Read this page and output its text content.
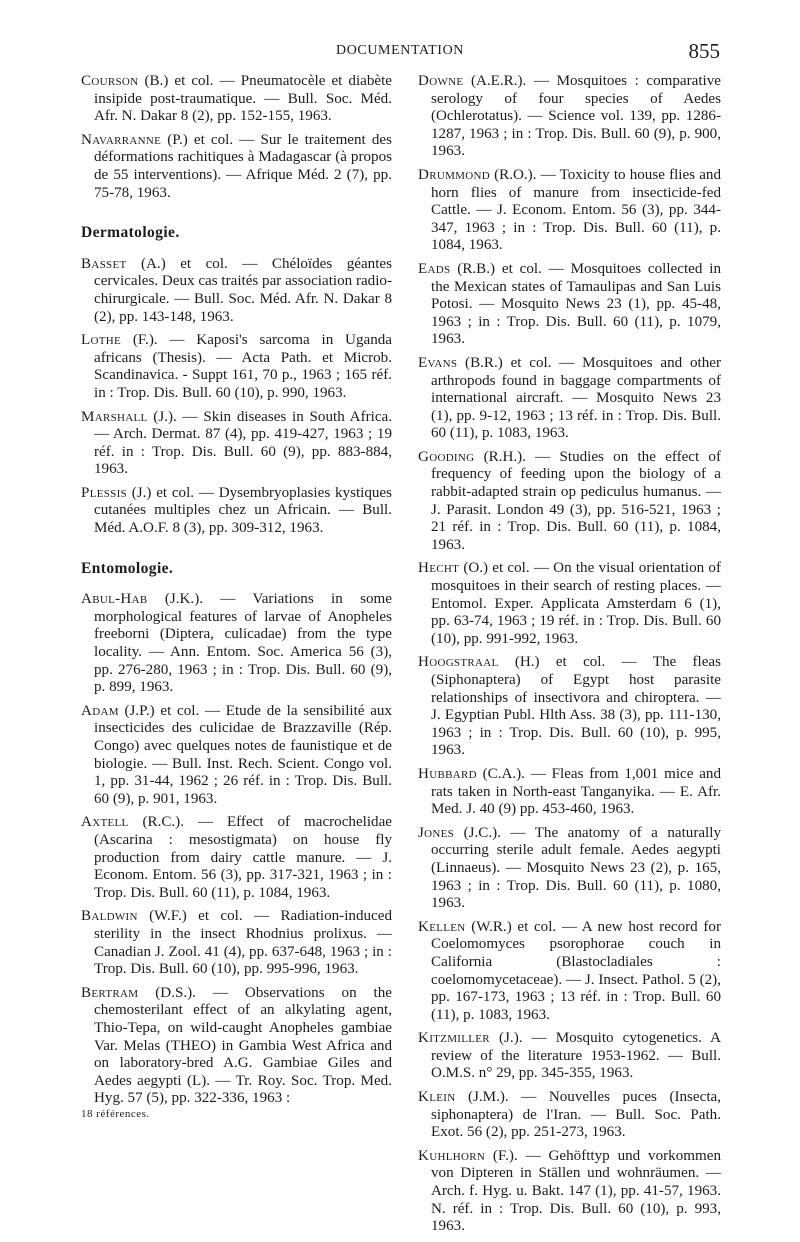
DOCUMENTATION	855
Courson (B.) et col. — Pneumatocèle et diabète insipide post-traumatique. — Bull. Soc. Méd. Afr. N. Dakar 8 (2), pp. 152-155, 1963.
Navarranne (P.) et col. — Sur le traitement des déformations rachitiques à Madagascar (à propos de 55 interventions). — Afrique Méd. 2 (7), pp. 75-78, 1963.
Dermatologie.
Basset (A.) et col. — Chéloïdes géantes cervicales. Deux cas traités par association radio-chirurgicale. — Bull. Soc. Méd. Afr. N. Dakar 8 (2), pp. 143-148, 1963.
Lothe (F.). — Kaposi's sarcoma in Uganda africans (Thesis). — Acta Path. et Microb. Scandinavica. - Suppt 161, 70 p., 1963 ; 165 réf. in : Trop. Dis. Bull. 60 (10), p. 990, 1963.
Marshall (J.). — Skin diseases in South Africa. — Arch. Dermat. 87 (4), pp. 419-427, 1963 ; 19 réf. in : Trop. Dis. Bull. 60 (9), pp. 883-884, 1963.
Plessis (J.) et col. — Dysembryoplasies kystiques cutanées multiples chez un Africain. — Bull. Méd. A.O.F. 8 (3), pp. 309-312, 1963.
Entomologie.
Abul-Hab (J.K.). — Variations in some morphological features of larvae of Anopheles freeborni (Diptera, culicadae) from the type locality. — Ann. Entom. Soc. America 56 (3), pp. 276-280, 1963 ; in : Trop. Dis. Bull. 60 (9), p. 899, 1963.
Adam (J.P.) et col. — Etude de la sensibilité aux insecticides des culicidae de Brazzaville (Rép. Congo) avec quelques notes de faunistique et de biologie. — Bull. Inst. Rech. Scient. Congo vol. 1, pp. 31-44, 1962 ; 26 réf. in : Trop. Dis. Bull. 60 (9), p. 901, 1963.
Axtell (R.C.). — Effect of macrochelidae (Ascarina : mesostigmata) on house fly production from dairy cattle manure. — J. Econom. Entom. 56 (3), pp. 317-321, 1963 ; in : Trop. Dis. Bull. 60 (11), p. 1084, 1963.
Baldwin (W.F.) et col. — Radiation-induced sterility in the insect Rhodnius prolixus. — Canadian J. Zool. 41 (4), pp. 637-648, 1963 ; in : Trop. Dis. Bull. 60 (10), pp. 995-996, 1963.
Bertram (D.S.). — Observations on the chemosterilant effect of an alkylating agent, Thio-Tepa, on wild-caught Anopheles gambiae Var. Melas (THEO) in Gambia West Africa and on laboratory-bred A.G. Gambiae Giles and Aedes aegypti (L). — Tr. Roy. Soc. Trop. Med. Hyg. 57 (5), pp. 322-336, 1963 :
18 références.
Downe (A.E.R.). — Mosquitoes : comparative serology of four species of Aedes (Ochlerotatus). — Science vol. 139, pp. 1286-1287, 1963 ; in : Trop. Dis. Bull. 60 (9), p. 900, 1963.
Drummond (R.O.). — Toxicity to house flies and horn flies of manure from insecticide-fed Cattle. — J. Econom. Entom. 56 (3), pp. 344-347, 1963 ; in : Trop. Dis. Bull. 60 (11), p. 1084, 1963.
Eads (R.B.) et col. — Mosquitoes collected in the Mexican states of Tamaulipas and San Luis Potosi. — Mosquito News 23 (1), pp. 45-48, 1963 ; in : Trop. Dis. Bull. 60 (11), p. 1079, 1963.
Evans (B.R.) et col. — Mosquitoes and other arthropods found in baggage compartments of international aircraft. — Mosquito News 23 (1), pp. 9-12, 1963 ; 13 réf. in : Trop. Dis. Bull. 60 (11), p. 1083, 1963.
Gooding (R.H.). — Studies on the effect of frequency of feeding upon the biology of a rabbit-adapted strain op pediculus humanus. — J. Parasit. London 49 (3), pp. 516-521, 1963 ; 21 réf. in : Trop. Dis. Bull. 60 (11), p. 1084, 1963.
Hecht (O.) et col. — On the visual orientation of mosquitoes in their search of resting places. — Entomol. Exper. Applicata Amsterdam 6 (1), pp. 63-74, 1963 ; 19 réf. in : Trop. Dis. Bull. 60 (10), pp. 991-992, 1963.
Hoogstraal (H.) et col. — The fleas (Siphonaptera) of Egypt host parasite relationships of insectivora and chiroptera. — J. Egyptian Publ. Hlth Ass. 38 (3), pp. 111-130, 1963 ; in : Trop. Dis. Bull. 60 (10), p. 995, 1963.
Hubbard (C.A.). — Fleas from 1,001 mice and rats taken in North-east Tanganyika. — E. Afr. Med. J. 40 (9) pp. 453-460, 1963.
Jones (J.C.). — The anatomy of a naturally occurring sterile adult female. Aedes aegypti (Linnaeus). — Mosquito News 23 (2), p. 165, 1963 ; in : Trop. Dis. Bull. 60 (11), p. 1080, 1963.
Kellen (W.R.) et col. — A new host record for Coelomomyces psorophorae couch in California (Blastocladiales : coelomomycetaceae). — J. Insect. Pathol. 5 (2), pp. 167-173, 1963 ; 13 réf. in : Trop. Bull. 60 (11), p. 1083, 1963.
Kitzmiller (J.). — Mosquito cytogenetics. A review of the literature 1953-1962. — Bull. O.M.S. n° 29, pp. 345-355, 1963.
Klein (J.M.). — Nouvelles puces (Insecta, siphonaptera) de l'Iran. — Bull. Soc. Path. Exot. 56 (2), pp. 251-273, 1963.
Kuhlhorn (F.). — Gehöfttyp und vorkommen von Dipteren in Ställen und wohnräumen. — Arch. f. Hyg. u. Bakt. 147 (1), pp. 41-57, 1963. N. réf. in : Trop. Dis. Bull. 60 (10), p. 993, 1963.
